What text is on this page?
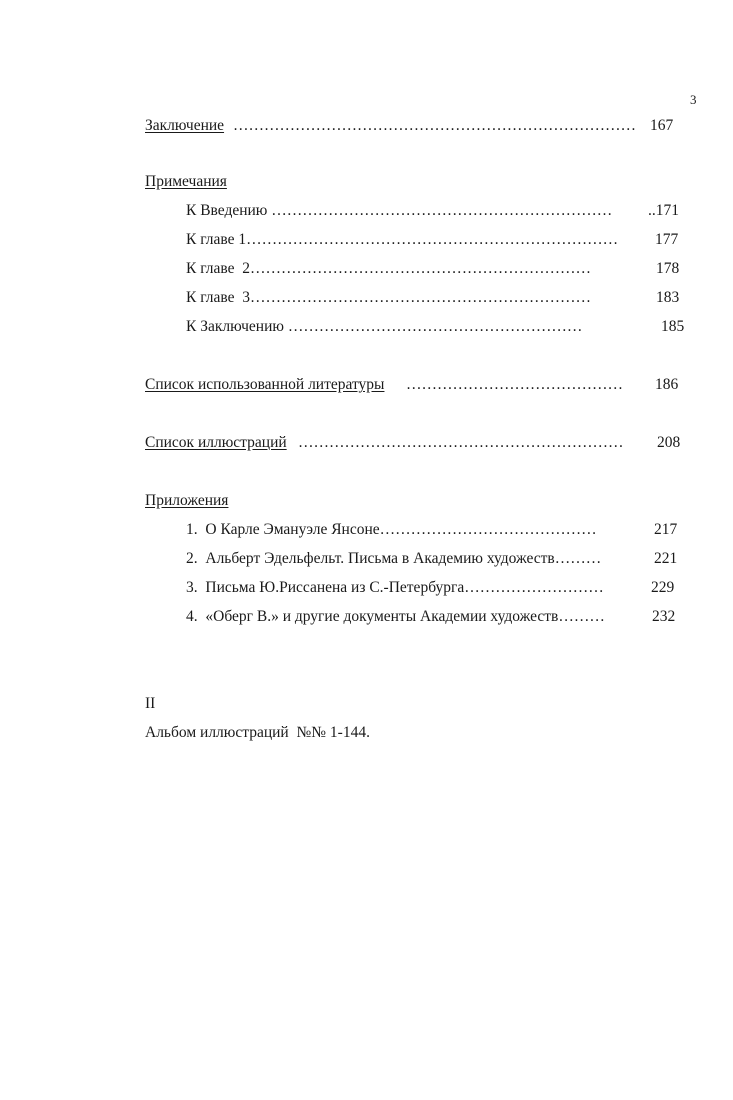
3
Заключение …………………………………………………………………… 167
Примечания
К Введению ………………………………………………………… ..171
К главе 1……………………………………………………………… 177
К главе  2…………………………………………………………	178
К главе  3…………………………………………………………	183
К Заключению …………………………………………………	185
Список использованной литературы …………………………………… 186
Список иллюстраций ……………………………………………………… 208
Приложения
1.  О Карле Эмануэле Янсоне……………………………………	217
2.  Альберт Эдельфельт. Письма в Академию художеств………	221
3.  Письма Ю.Риссанена из С.-Петербурга………………………	229
4.  «Оберг В.» и другие документы Академии художеств………	232
II
Альбом иллюстраций  №№ 1-144.
